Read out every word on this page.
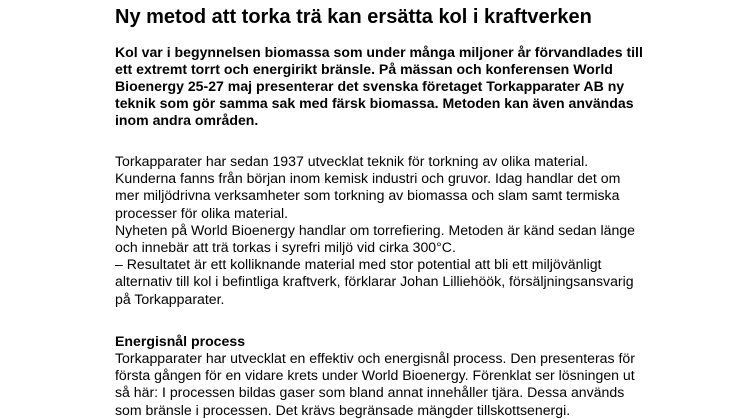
Ny metod att torka trä kan ersätta kol i kraftverken
Kol var i begynnelsen biomassa som under många miljoner år förvandlades till
ett extremt torrt och energirikt bränsle. På mässan och konferensen World
Bioenergy 25-27 maj presenterar det svenska företaget Torkapparater AB ny
teknik som gör samma sak med färsk biomassa. Metoden kan även användas
inom andra områden.
Torkapparater har sedan 1937 utvecklat teknik för torkning av olika material.
Kunderna fanns från början inom kemisk industri och gruvor. Idag handlar det om
mer miljödrivna verksamheter som torkning av biomassa och slam samt termiska
processer för olika material.
Nyheten på World Bioenergy handlar om torrefiering. Metoden är känd sedan länge
och innebär att trä torkas i syrefri miljö vid cirka 300°C.
– Resultatet är ett kolliknande material med stor potential att bli ett miljövänligt
alternativ till kol i befintliga kraftverk, förklarar Johan Lilliehöök, försäljningsansvarig
på Torkapparater.
Energisnål process
Torkapparater har utvecklat en effektiv och energisnål process. Den presenteras för
första gången för en vidare krets under World Bioenergy. Förenklat ser lösningen ut
så här: I processen bildas gaser som bland annat innehåller tjära. Dessa används
som bränsle i processen. Det krävs begränsade mängder tillskottsenergi.
